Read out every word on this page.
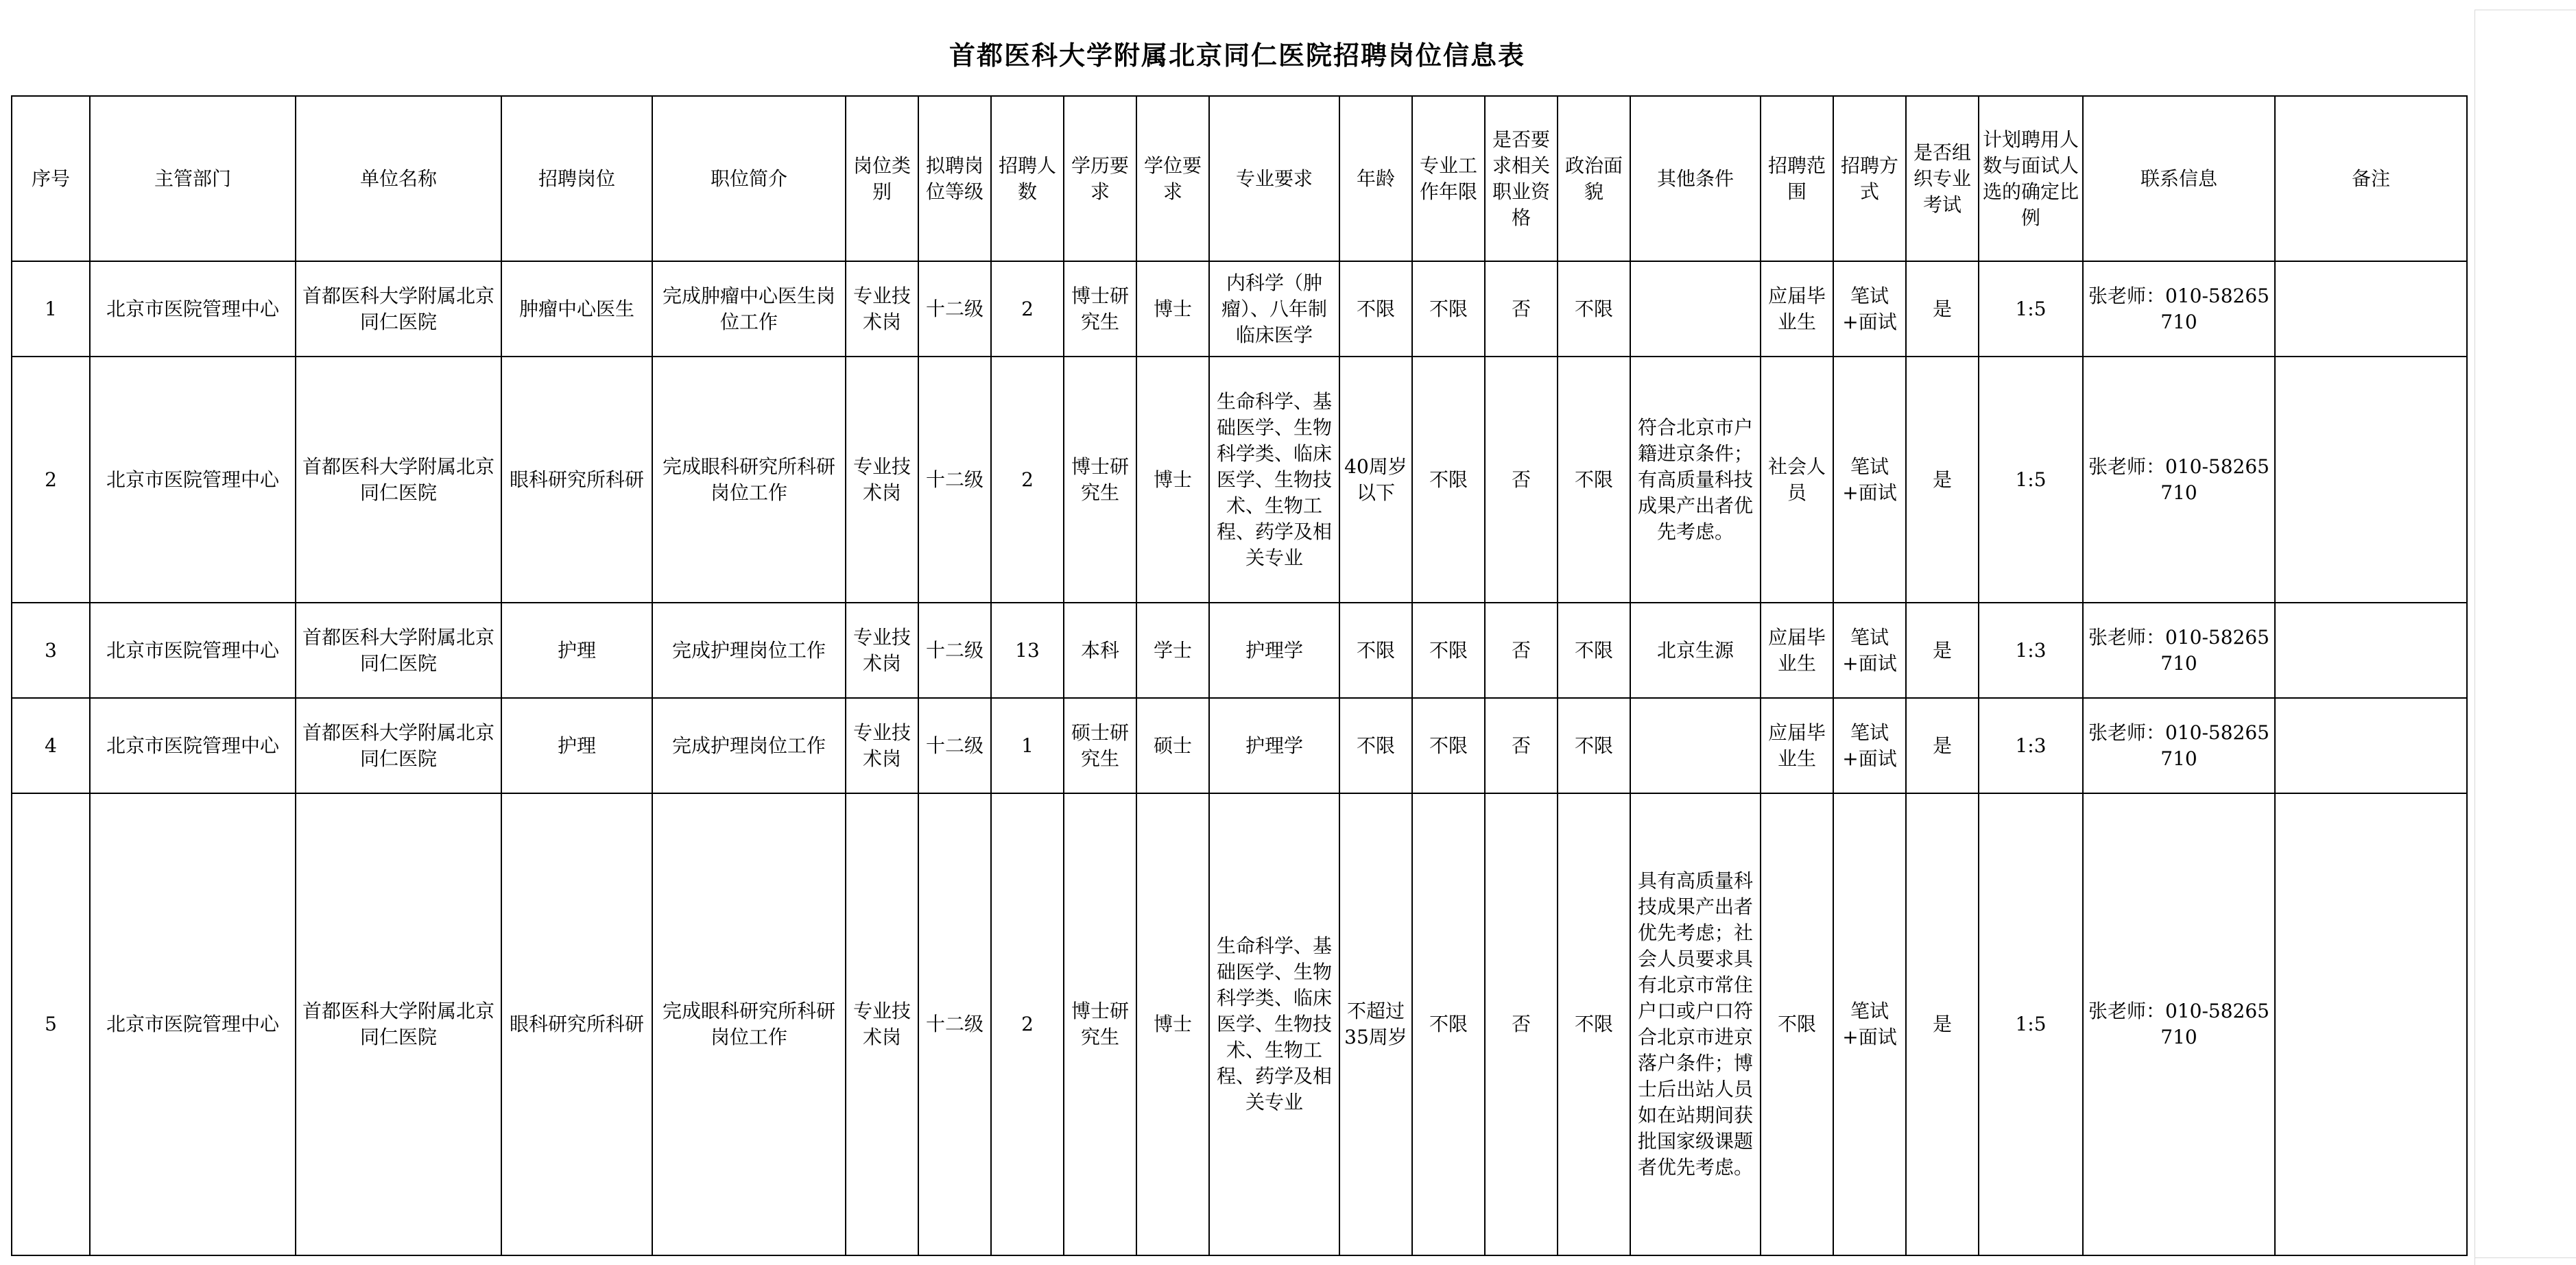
首都医科大学附属北京同仁医院招聘岗位信息表
序号	主管部门	单位名称	招聘岗位	职位简介	岗位类别	拟聘岗位等级	招聘人数	学历要求	学位要求	专业要求	年龄	专业工作年限	是否要求相关职业资格	政治面貌	其他条件	招聘范围	招聘方式	是否组织专业考试	计划聘用人数与面试人选的确定比例	联系信息	备注
1	北京市医院管理中心	首都医科大学附属北京同仁医院	肿瘤中心医生	完成肿瘤中心医生岗位工作	专业技术岗	十二级	2	博士研究生	博士	内科学（肿瘤）、八年制临床医学	不限	不限	否	不限		应届毕业生	笔试+面试	是	1:5	张老师：010-58265710	
2	北京市医院管理中心	首都医科大学附属北京同仁医院	眼科研究所科研	完成眼科研究所科研岗位工作	专业技术岗	十二级	2	博士研究生	博士	生命科学、基础医学、生物科学类、临床医学、生物技术、生物工程、药学及相关专业	40周岁以下	不限	否	不限	符合北京市户籍进京条件；有高质量科技成果产出者优先考虑。	社会人员	笔试+面试	是	1:5	张老师：010-58265710	
3	北京市医院管理中心	首都医科大学附属北京同仁医院	护理	完成护理岗位工作	专业技术岗	十二级	13	本科	学士	护理学	不限	不限	否	不限	北京生源	应届毕业生	笔试+面试	是	1:3	张老师：010-58265710	
4	北京市医院管理中心	首都医科大学附属北京同仁医院	护理	完成护理岗位工作	专业技术岗	十二级	1	硕士研究生	硕士	护理学	不限	不限	否	不限		应届毕业生	笔试+面试	是	1:3	张老师：010-58265710	
5	北京市医院管理中心	首都医科大学附属北京同仁医院	眼科研究所科研	完成眼科研究所科研岗位工作	专业技术岗	十二级	2	博士研究生	博士	生命科学、基础医学、生物科学类、临床医学、生物技术、生物工程、药学及相关专业	不超过35周岁	不限	否	不限	具有高质量科技成果产出者优先考虑；社会人员要求具有北京市常住户口或户口符合北京市进京落户条件；博士后出站人员如在站期间获批国家级课题者优先考虑。	不限	笔试+面试	是	1:5	张老师：010-58265710	
